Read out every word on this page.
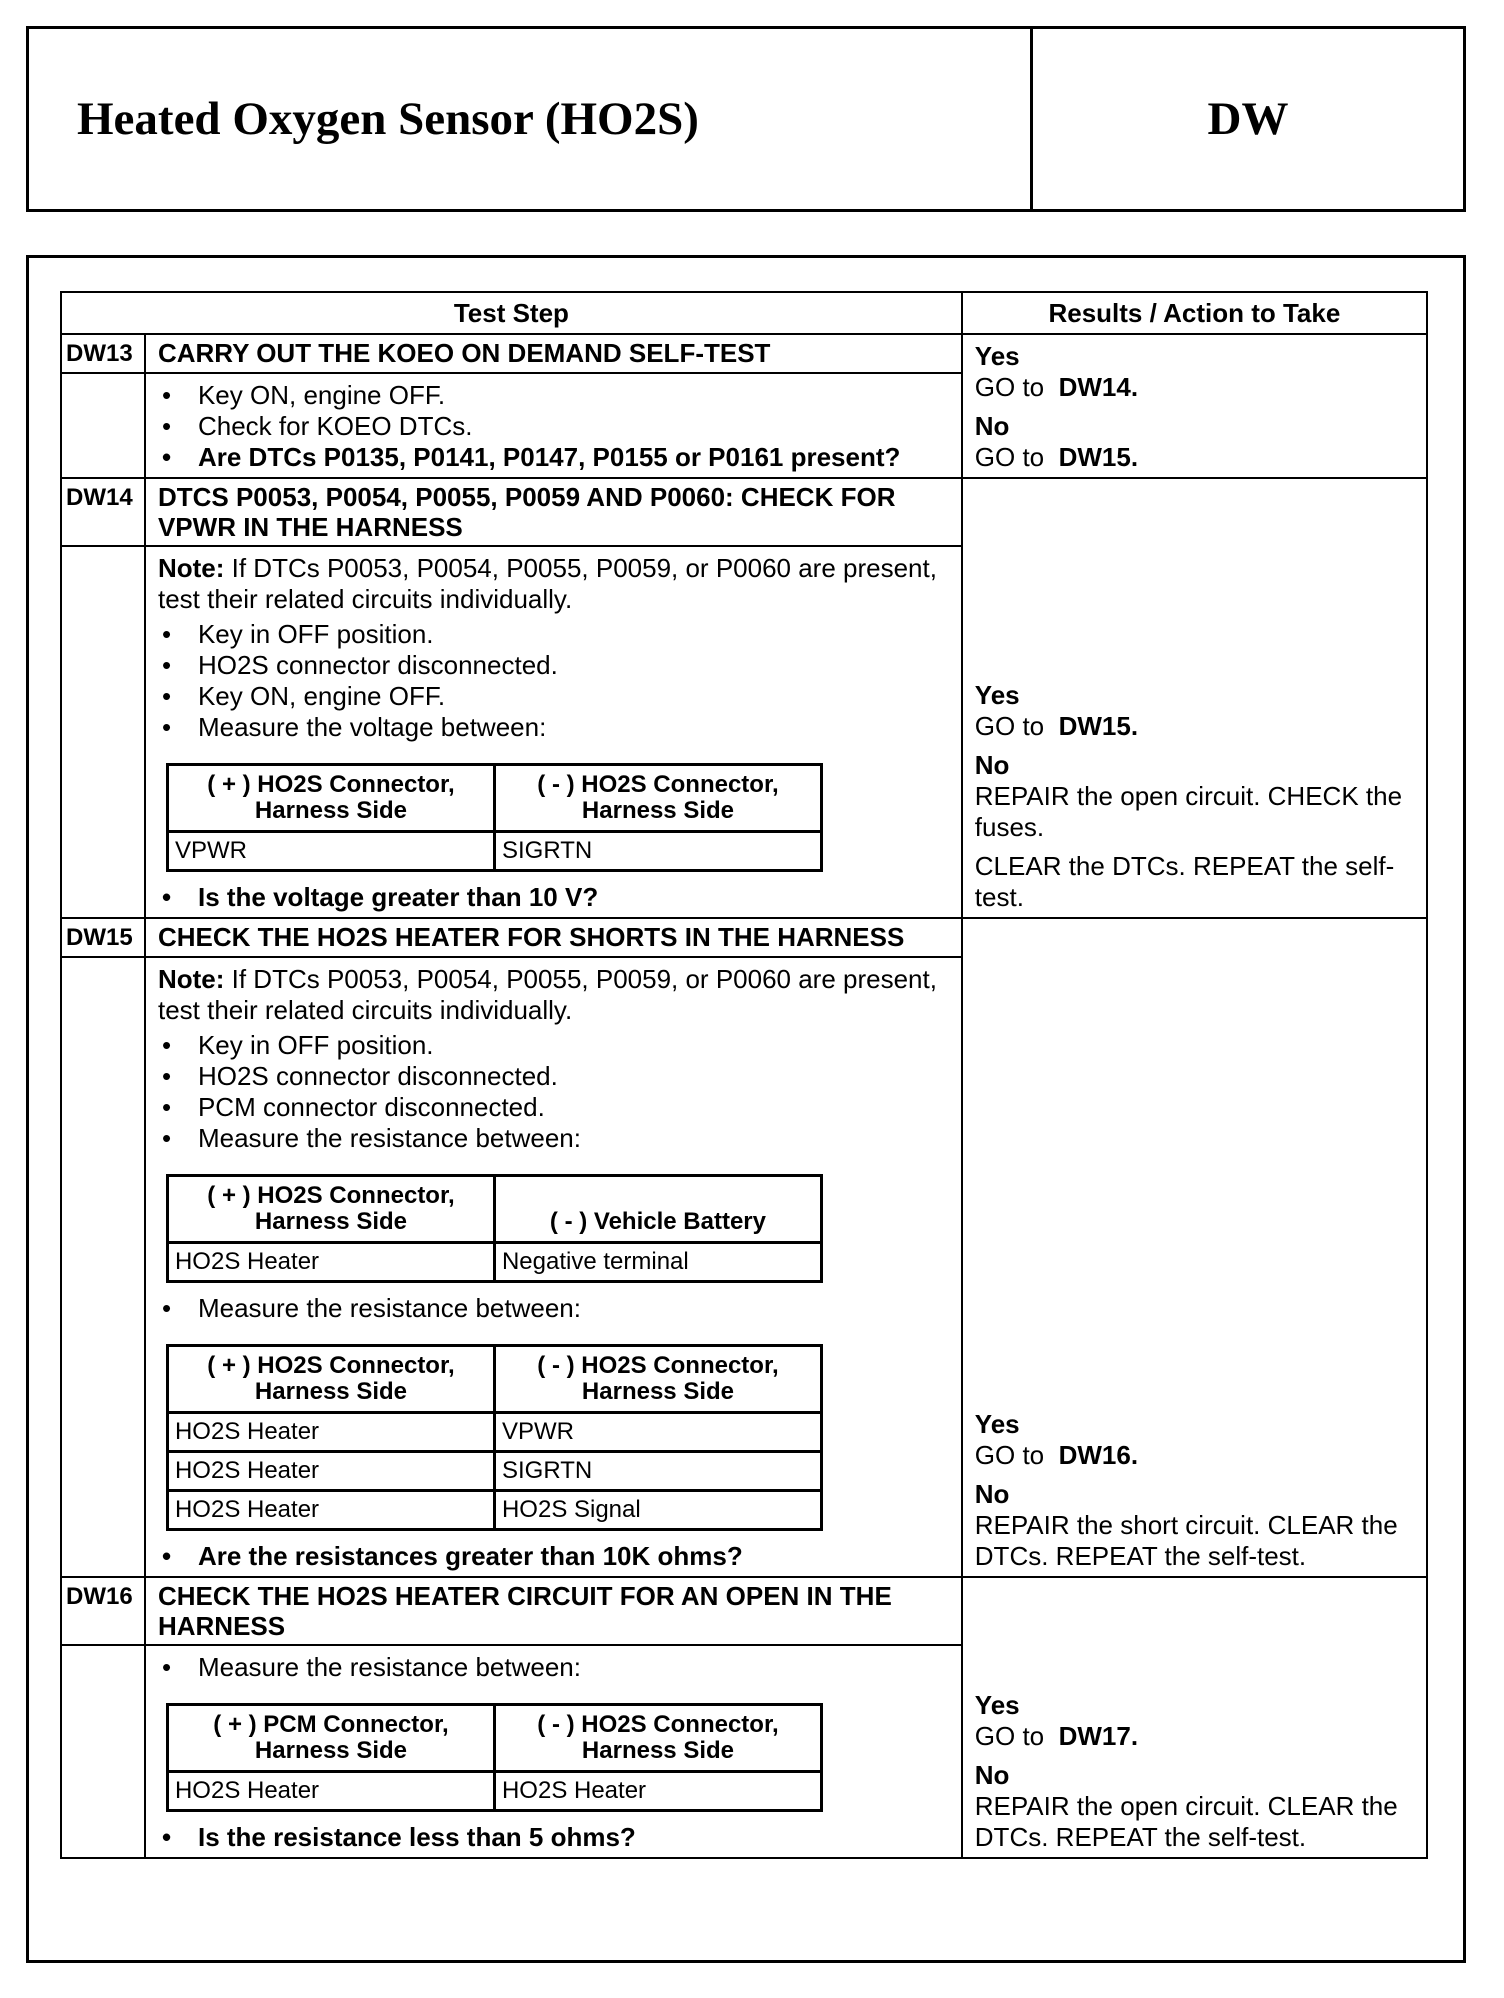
Heated Oxygen Sensor (HO2S)	DW
Test Step	Results / Action to Take
DW13	CARRY OUT THE KOEO ON DEMAND SELF-TEST	Yes
GO to DW14.
No
GO to DW15.

• Key ON, engine OFF.
• Check for KOEO DTCs.
• Are DTCs P0135, P0141, P0147, P0155 or P0161 present?

DW14	DTCS P0053, P0054, P0055, P0059 AND P0060: CHECK FOR VPWR IN THE HARNESS	
Yes
GO to DW15.
No
REPAIR the open circuit. CHECK the fuses.
CLEAR the DTCs. REPEAT the self-test.

Note: If DTCs P0053, P0054, P0055, P0059, or P0060 are present, test their related circuits individually.
• Key in OFF position.
• HO2S connector disconnected.
• Key ON, engine OFF.
• Measure the voltage between:
( + ) HO2S Connector, Harness Side	( - ) HO2S Connector, Harness Side
VPWR	SIGRTN
• Is the voltage greater than 10 V?

DW15	CHECK THE HO2S HEATER FOR SHORTS IN THE HARNESS	
Yes
GO to DW16.
No
REPAIR the short circuit. CLEAR the DTCs. REPEAT the self-test.

Note: If DTCs P0053, P0054, P0055, P0059, or P0060 are present, test their related circuits individually.
• Key in OFF position.
• HO2S connector disconnected.
• PCM connector disconnected.
• Measure the resistance between:
( + ) HO2S Connector, Harness Side	( - ) Vehicle Battery
HO2S Heater	Negative terminal
• Measure the resistance between:
( + ) HO2S Connector, Harness Side	( - ) HO2S Connector, Harness Side
HO2S Heater	VPWR
HO2S Heater	SIGRTN
HO2S Heater	HO2S Signal
• Are the resistances greater than 10K ohms?

DW16	CHECK THE HO2S HEATER CIRCUIT FOR AN OPEN IN THE HARNESS	
Yes
GO to DW17.
No
REPAIR the open circuit. CLEAR the DTCs. REPEAT the self-test.

• Measure the resistance between:
( + ) PCM Connector, Harness Side	( - ) HO2S Connector, Harness Side
HO2S Heater	HO2S Heater
• Is the resistance less than 5 ohms?
